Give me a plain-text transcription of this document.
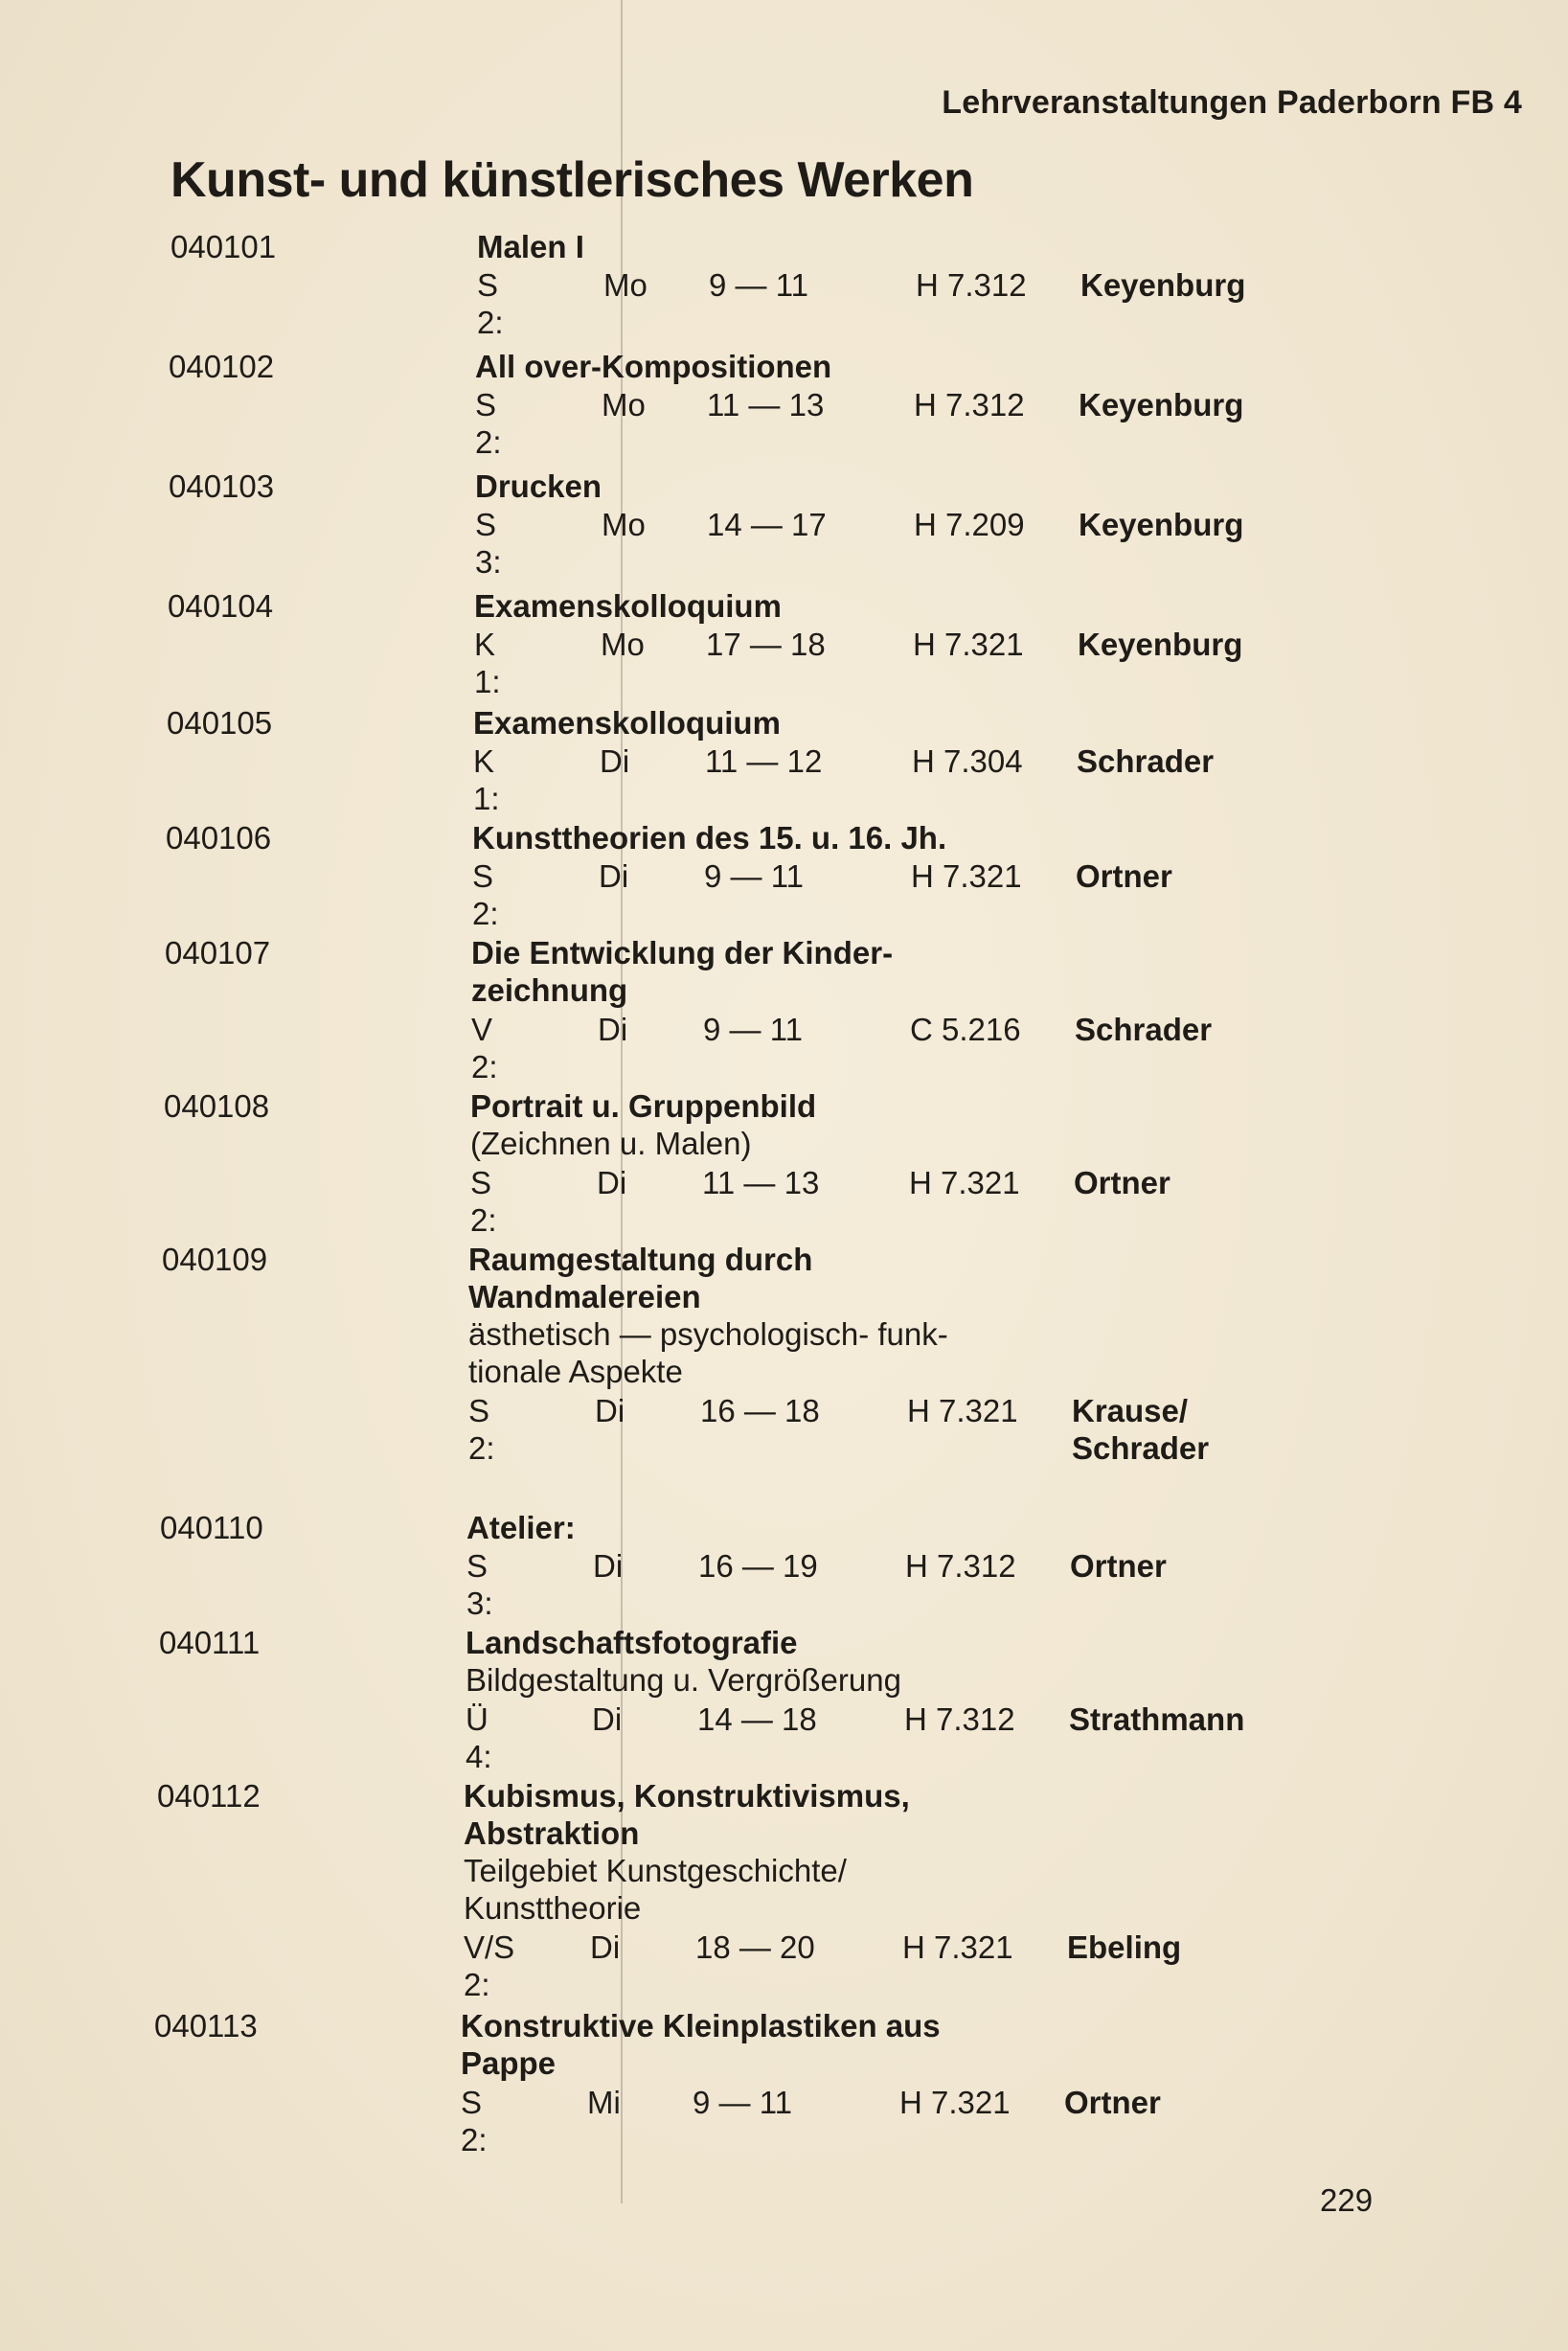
Lehrveranstaltungen Paderborn FB 4
Kunst- und künstlerisches Werken
040101	Malen I
S 2:
Mo 9 — 11	H 7.312 Keyenburg
040102	All over-Kompositionen
S 2:
Mo 11 — 13	H 7.312 Keyenburg
040103	Drucken
S 3:
Mo 14 — 17	H 7.209 Keyenburg
040104	Examenskolloquium
K 1:
Mo 17 — 18	H 7.321 Keyenburg
040105	Examenskolloquium
K 1:
Di 11 — 12	H 7.304 Schrader
040106	Kunsttheorien des 15. u. 16. Jh.
S 2:
Di 9 — 11	H 7.321 Ortner
040107	Die Entwicklung der Kinder-
zeichnung
V 2:
Di 9 — 11	C 5.216 Schrader
040108	Portrait u. Gruppenbild
(Zeichnen u. Malen)
S 2:
Di 11 — 13	H 7.321 Ortner
040109	Raumgestaltung durch
Wandmalereien
ästhetisch — psychologisch- funk-
tionale Aspekte
S 2:
Di 16 — 18	H 7.321 Krause/
Schrader
040110	Atelier:
S 3:
Di 16 — 19	H 7.312 Ortner
040111	Landschaftsfotografie
Bildgestaltung u. Vergrößerung
Ü 4:
Di 14 — 18	H 7.312 Strathmann
040112	Kubismus, Konstruktivismus,
Abstraktion
Teilgebiet Kunstgeschichte/
Kunsttheorie
V/S 2:
Di 18 — 20	H 7.321 Ebeling
040113	Konstruktive Kleinplastiken aus
Pappe
S 2:
Mi 9 — 11	H 7.321 Ortner
229
